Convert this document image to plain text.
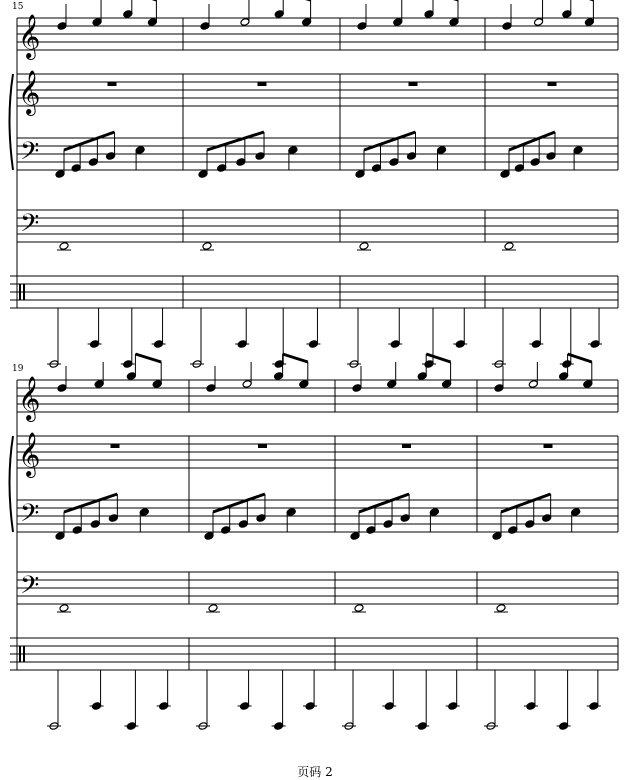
𝄞
𝄞
𝄢
𝄢
𝄞
𝄞
𝄢
𝄢
15
19
页码 2
